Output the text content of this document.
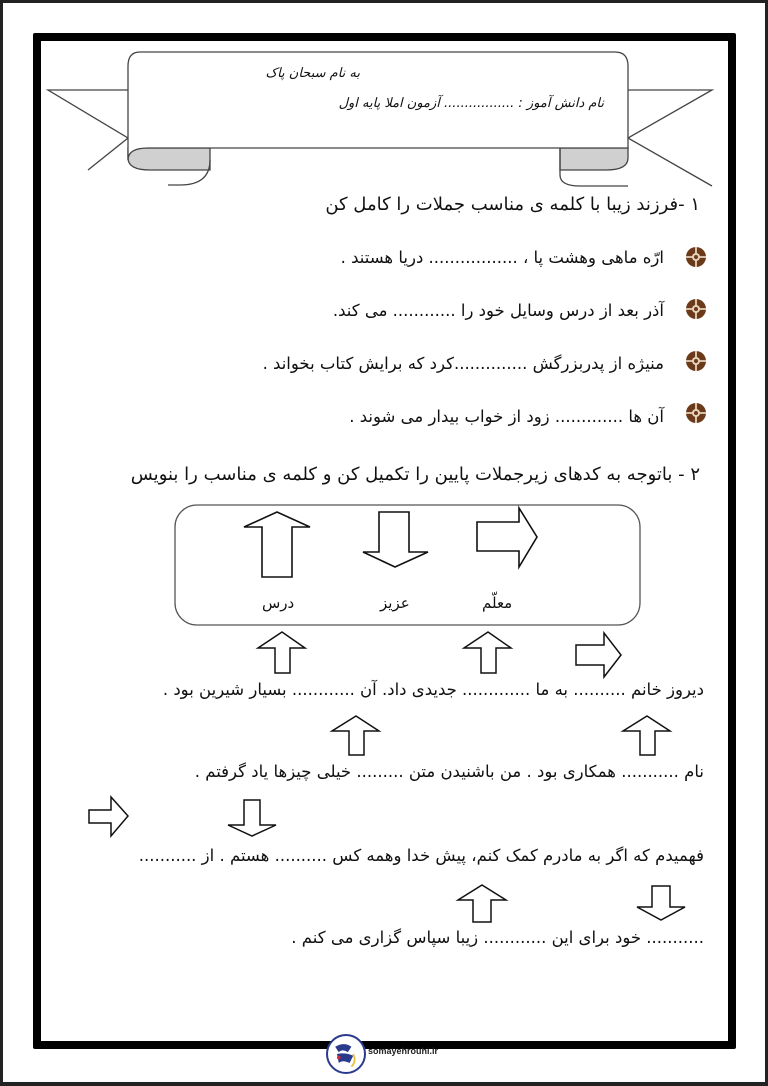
به نام سبحان پاک
نام دانش آموز : ................. آزمون املا پایه اول
۱ -فرزند زیبا با کلمه ی مناسب جملات را کامل کن
ارّه ماهی وهشت پا ، ................. دریا هستند .
آذر بعد از درس وسایل خود را ............ می کند.
منیژه از پدربزرگش ..............کرد که برایش کتاب بخواند .
آن ها ............. زود از خواب بیدار می شوند .
۲ - باتوجه به کدهای زیرجملات پایین را تکمیل کن و کلمه ی مناسب را بنویس
معلّم
عزیز
درس
دیروز خانم .......... به ما ............. جدیدی داد. آن ............ بسیار شیرین بود .
نام ........... همکاری بود . من باشنیدن متن ......... خیلی چیزها یاد گرفتم .
فهمیدم که اگر به مادرم کمک کنم، پیش خدا وهمه کس .......... هستم . از ...........
........... خود برای این ............ زیبا سپاس گزاری می کنم .
somayehrouhi.ir
